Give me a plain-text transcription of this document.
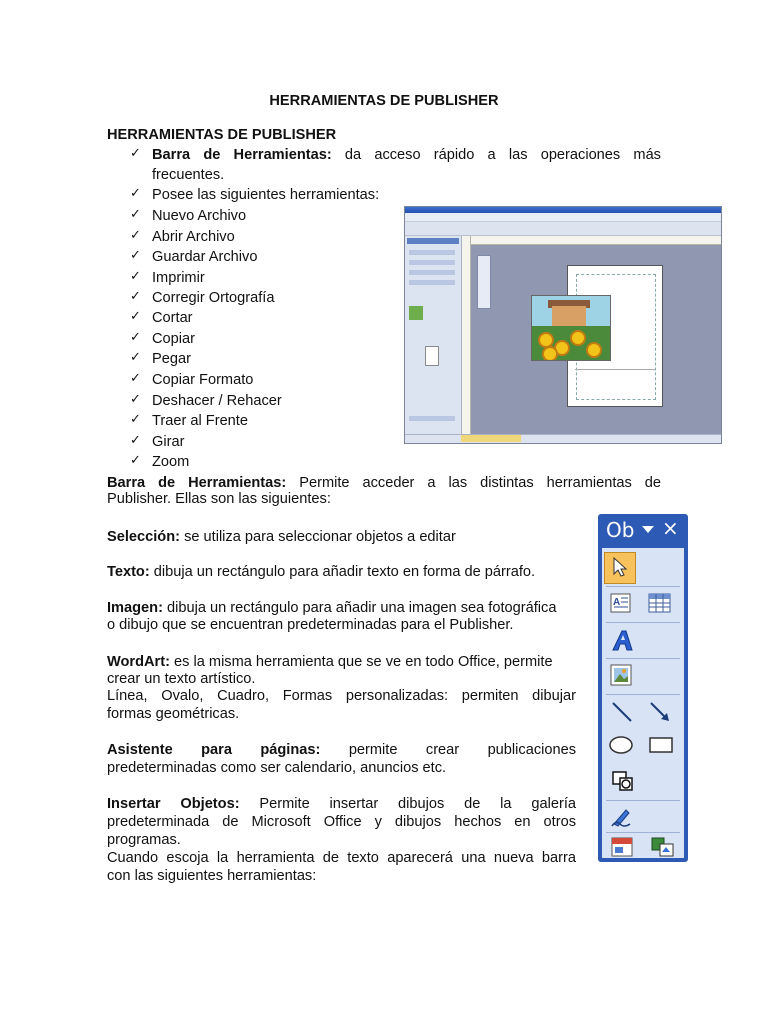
HERRAMIENTAS DE PUBLISHER
HERRAMIENTAS DE PUBLISHER
✓ Barra de Herramientas: da acceso rápido a las operaciones más
frecuentes.
✓ Posee las siguientes herramientas:
✓ Nuevo Archivo
✓ Abrir Archivo
✓ Guardar Archivo
✓ Imprimir
✓ Corregir Ortografía
✓ Cortar
✓ Copiar
✓ Pegar
✓ Copiar Formato
✓ Deshacer / Rehacer
✓ Traer al Frente
✓ Girar
✓ Zoom
Barra de Herramientas: Permite acceder a las distintas herramientas de
Publisher. Ellas son las siguientes:
Selección: se utiliza para seleccionar objetos a editar
Texto: dibuja un rectángulo para añadir texto en forma de párrafo.
Imagen: dibuja un rectángulo para añadir una imagen sea fotográfica
o dibujo que se encuentran predeterminadas para el Publisher.
WordArt: es la misma herramienta que se ve en todo Office, permite
crear un texto artístico.
Línea, Ovalo, Cuadro, Formas personalizadas: permiten dibujar
formas geométricas.
Asistente para páginas: permite crear publicaciones
predeterminadas como ser calendario, anuncios etc.
Insertar Objetos: Permite insertar dibujos de la galería
predeterminada de Microsoft Office y dibujos hechos en otros
programas.
Cuando escoja la herramienta de texto aparecerá una nueva barra
con las siguientes herramientas:
Ob ×
A
